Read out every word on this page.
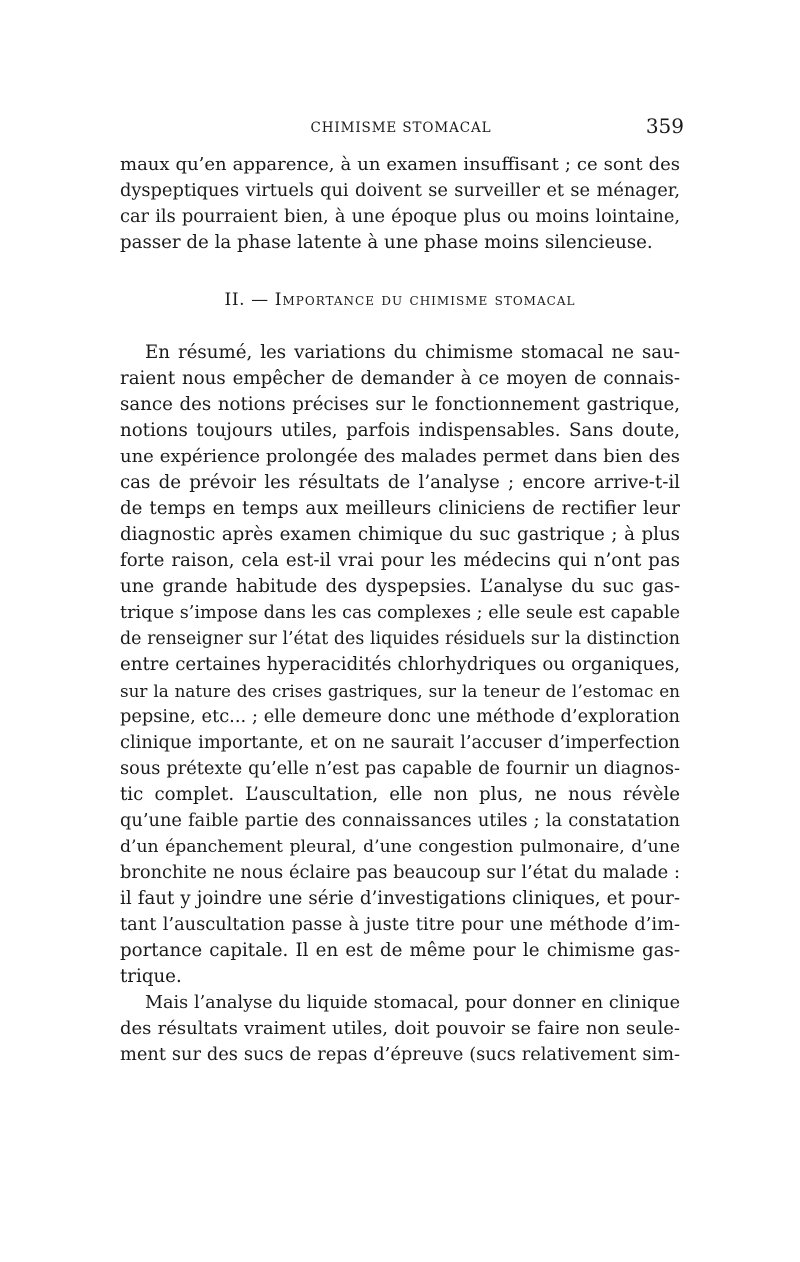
CHIMISME STOMACAL	359
maux qu’en apparence, à un examen insuffisant ; ce sont des
dyspeptiques virtuels qui doivent se surveiller et se ménager,
car ils pourraient bien, à une époque plus ou moins lointaine,
passer de la phase latente à une phase moins silencieuse.
II. — Importance du chimisme stomacal
En résumé, les variations du chimisme stomacal ne sau-
raient nous empêcher de demander à ce moyen de connais-
sance des notions précises sur le fonctionnement gastrique,
notions toujours utiles, parfois indispensables. Sans doute,
une expérience prolongée des malades permet dans bien des
cas de prévoir les résultats de l’analyse ; encore arrive-t-il
de temps en temps aux meilleurs cliniciens de rectifier leur
diagnostic après examen chimique du suc gastrique ; à plus
forte raison, cela est-il vrai pour les médecins qui n’ont pas
une grande habitude des dyspepsies. L’analyse du suc gas-
trique s’impose dans les cas complexes ; elle seule est capable
de renseigner sur l’état des liquides résiduels sur la distinction
entre certaines hyperacidités chlorhydriques ou organiques,
sur la nature des crises gastriques, sur la teneur de l’estomac en
pepsine, etc... ; elle demeure donc une méthode d’exploration
clinique importante, et on ne saurait l’accuser d’imperfection
sous prétexte qu’elle n’est pas capable de fournir un diagnos-
tic complet. L’auscultation, elle non plus, ne nous révèle
qu’une faible partie des connaissances utiles ; la constatation
d’un épanchement pleural, d’une congestion pulmonaire, d’une
bronchite ne nous éclaire pas beaucoup sur l’état du malade :
il faut y joindre une série d’investigations cliniques, et pour-
tant l’auscultation passe à juste titre pour une méthode d’im-
portance capitale. Il en est de même pour le chimisme gas-
trique.
Mais l’analyse du liquide stomacal, pour donner en clinique
des résultats vraiment utiles, doit pouvoir se faire non seule-
ment sur des sucs de repas d’épreuve (sucs relativement sim-
